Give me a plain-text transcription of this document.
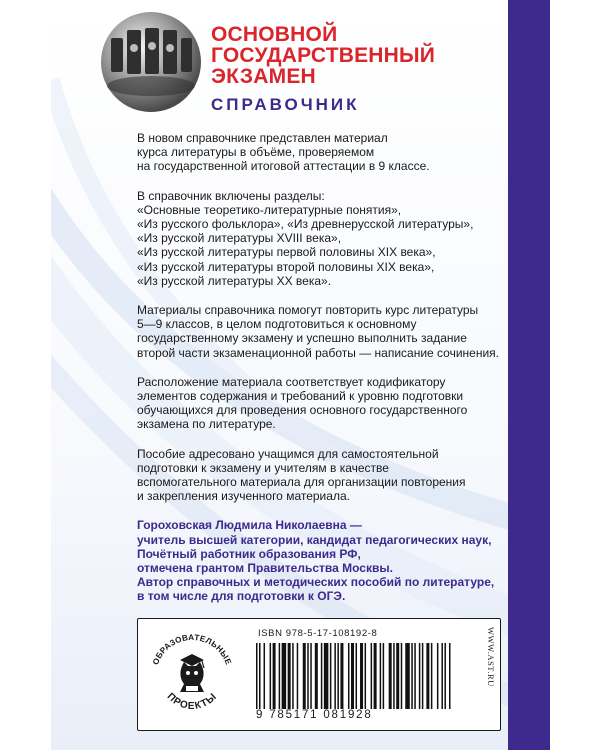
ОСНОВНОЙ
ГОСУДАРСТВЕННЫЙ
ЭКЗАМЕН
СПРАВОЧНИК
В новом справочнике представлен материал
курса литературы в объёме, проверяемом
на государственной итоговой аттестации в 9 классе.
В справочник включены разделы:
«Основные теоретико-литературные понятия»,
«Из русского фольклора», «Из древнерусской литературы»,
«Из русской литературы XVIII века»,
«Из русской литературы первой половины XIX века»,
«Из русской литературы второй половины XIX века»,
«Из русской литературы XX века».
Материалы справочника помогут повторить курс литературы
5—9 классов, в целом подготовиться к основному
государственному экзамену и успешно выполнить задание
второй части экзаменационной работы — написание сочинения.
Расположение материала соответствует кодификатору
элементов содержания и требований к уровню подготовки
обучающихся для проведения основного государственного
экзамена по литературе.
Пособие адресовано учащимся для самостоятельной
подготовки к экзамену и учителям в качестве
вспомогательного материала для организации повторения
и закрепления изученного материала.
Гороховская Людмила Николаевна —
учитель высшей категории, кандидат педагогических наук,
Почётный работник образования РФ,
отмечена грантом Правительства Москвы.
Автор справочных и методических пособий по литературе,
в том числе для подготовки к ОГЭ.
ОБРАЗОВАТЕЛЬНЫЕ
ПРОЕКТЫ
ISBN 978-5-17-108192-8
9 785171 081928
WWW.AST.RU
